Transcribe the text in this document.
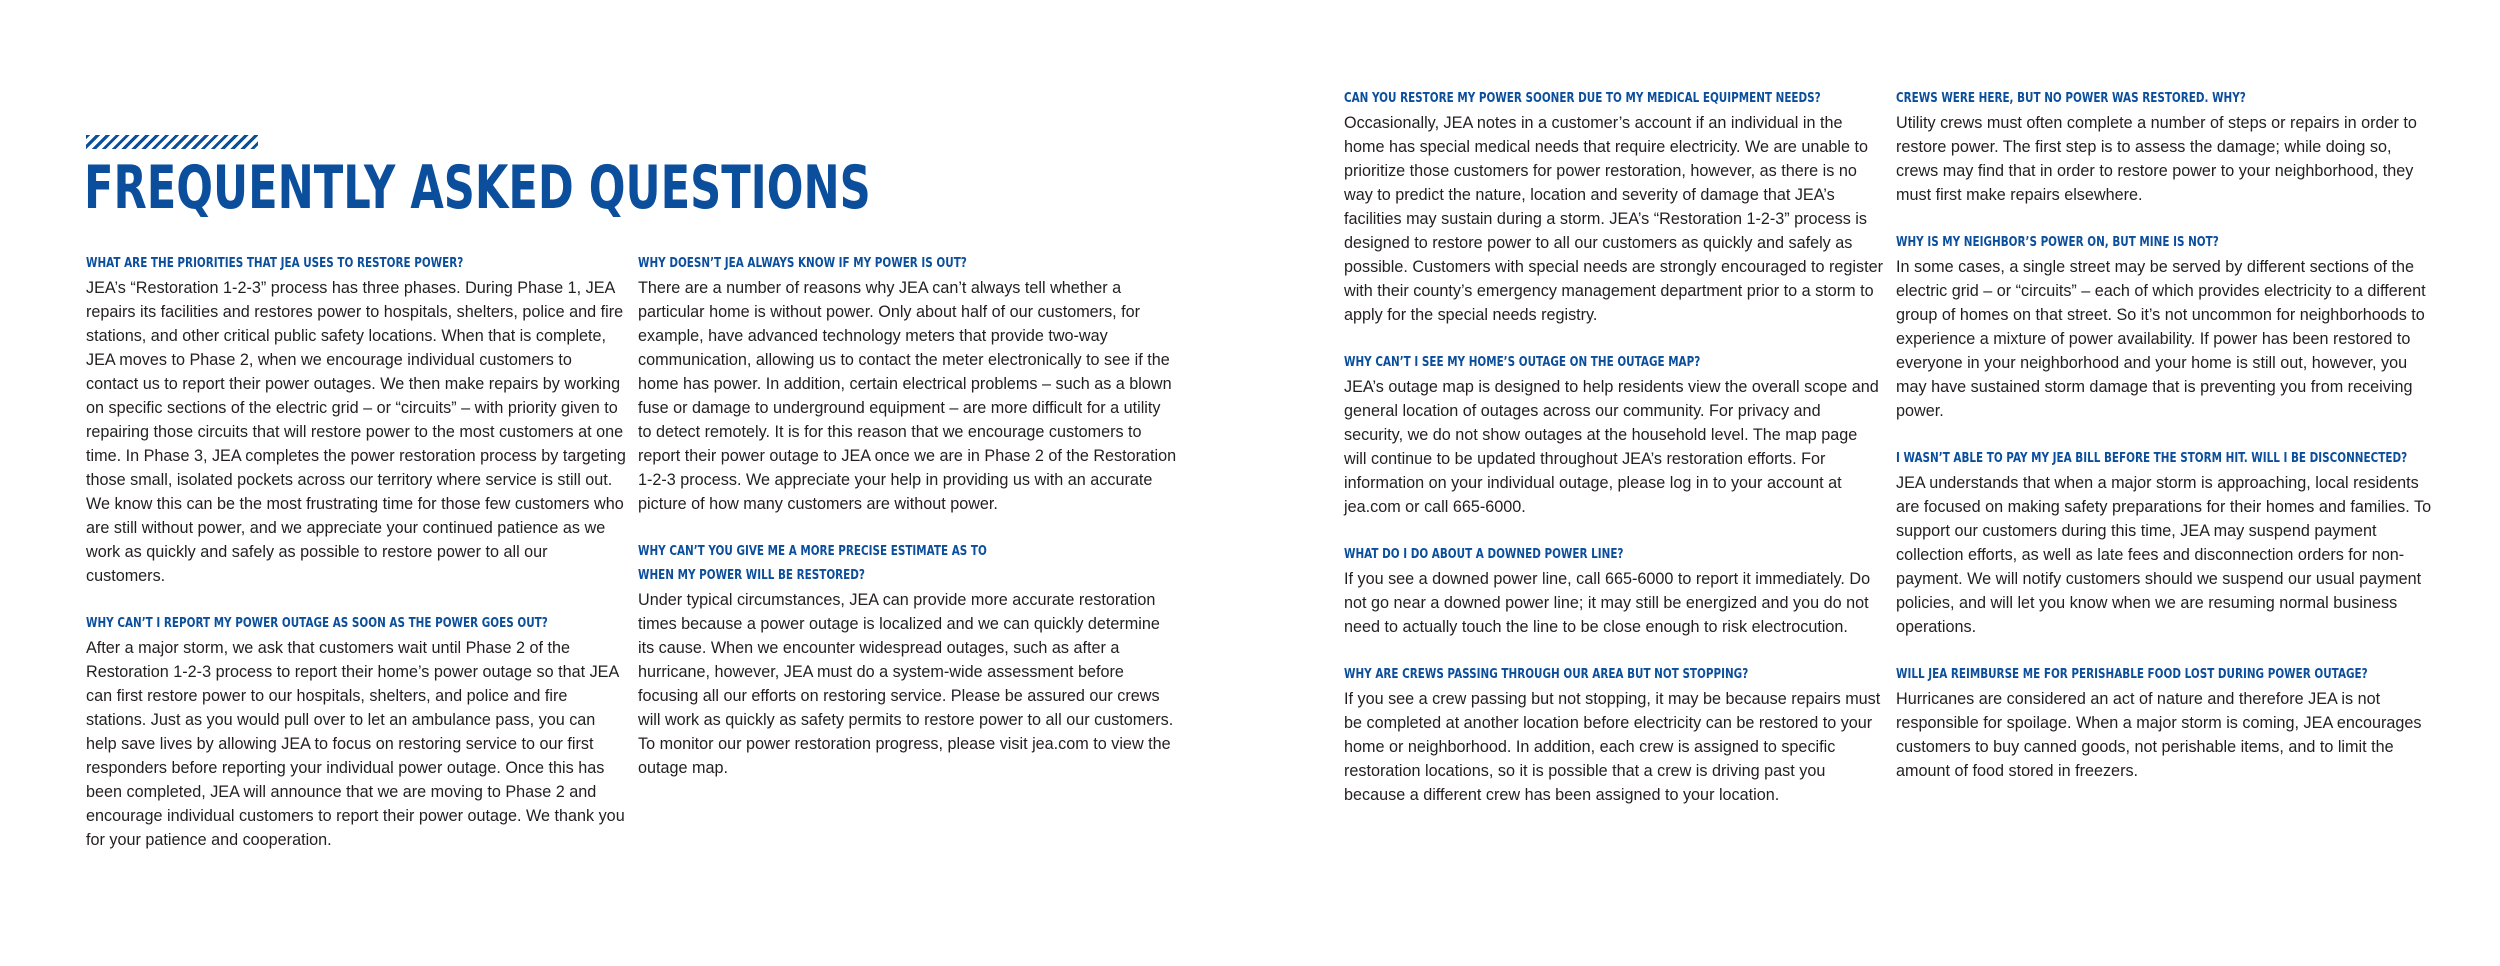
FREQUENTLY ASKED QUESTIONS

WHAT ARE THE PRIORITIES THAT JEA USES TO RESTORE POWER?

JEA’s “Restoration 1-2-3” process has three phases. During Phase 1, JEA repairs its facilities and restores power to hospitals, shelters, police and fire stations, and other critical public safety locations. When that is complete, JEA moves to Phase 2, when we encourage individual customers to contact us to report their power outages. We then make repairs by working on specific sections of the electric grid – or “circuits” – with priority given to repairing those circuits that will restore power to the most customers at one time. In Phase 3, JEA completes the power restoration process by targeting those small, isolated pockets across our territory where service is still out. We know this can be the most frustrating time for those few customers who are still without power, and we appreciate your continued patience as we work as quickly and safely as possible to restore power to all our customers.

WHY CAN’T I REPORT MY POWER OUTAGE AS SOON AS THE POWER GOES OUT?

After a major storm, we ask that customers wait until Phase 2 of the Restoration 1-2-3 process to report their home’s power outage so that JEA can first restore power to our hospitals, shelters, and police and fire stations. Just as you would pull over to let an ambulance pass, you can help save lives by allowing JEA to focus on restoring service to our first responders before reporting your individual power outage. Once this has been completed, JEA will announce that we are moving to Phase 2 and encourage individual customers to report their power outage. We thank you for your patience and cooperation.

WHY DOESN’T JEA ALWAYS KNOW IF MY POWER IS OUT?

There are a number of reasons why JEA can’t always tell whether a particular home is without power. Only about half of our customers, for example, have advanced technology meters that provide two-way communication, allowing us to contact the meter electronically to see if the home has power. In addition, certain electrical problems – such as a blown fuse or damage to underground equipment – are more difficult for a utility to detect remotely. It is for this reason that we encourage customers to report their power outage to JEA once we are in Phase 2 of the Restoration 1-2-3 process. We appreciate your help in providing us with an accurate picture of how many customers are without power.

WHY CAN’T YOU GIVE ME A MORE PRECISE ESTIMATE AS TO WHEN MY POWER WILL BE RESTORED?

Under typical circumstances, JEA can provide more accurate restoration times because a power outage is localized and we can quickly determine its cause. When we encounter widespread outages, such as after a hurricane, however, JEA must do a system-wide assessment before focusing all our efforts on restoring service. Please be assured our crews will work as quickly as safety permits to restore power to all our customers. To monitor our power restoration progress, please visit jea.com to view the outage map.

CAN YOU RESTORE MY POWER SOONER DUE TO MY MEDICAL EQUIPMENT NEEDS?

Occasionally, JEA notes in a customer’s account if an individual in the home has special medical needs that require electricity. We are unable to prioritize those customers for power restoration, however, as there is no way to predict the nature, location and severity of damage that JEA’s facilities may sustain during a storm. JEA’s “Restoration 1-2-3” process is designed to restore power to all our customers as quickly and safely as possible. Customers with special needs are strongly encouraged to register with their county’s emergency management department prior to a storm to apply for the special needs registry.

WHY CAN’T I SEE MY HOME’S OUTAGE ON THE OUTAGE MAP?

JEA’s outage map is designed to help residents view the overall scope and general location of outages across our community. For privacy and security, we do not show outages at the household level. The map page will continue to be updated throughout JEA’s restoration efforts. For information on your individual outage, please log in to your account at jea.com or call 665-6000.

WHAT DO I DO ABOUT A DOWNED POWER LINE?

If you see a downed power line, call 665-6000 to report it immediately. Do not go near a downed power line; it may still be energized and you do not need to actually touch the line to be close enough to risk electrocution.

WHY ARE CREWS PASSING THROUGH OUR AREA BUT NOT STOPPING?

If you see a crew passing but not stopping, it may be because repairs must be completed at another location before electricity can be restored to your home or neighborhood. In addition, each crew is assigned to specific restoration locations, so it is possible that a crew is driving past you because a different crew has been assigned to your location.

CREWS WERE HERE, BUT NO POWER WAS RESTORED. WHY?

Utility crews must often complete a number of steps or repairs in order to restore power. The first step is to assess the damage; while doing so, crews may find that in order to restore power to your neighborhood, they must first make repairs elsewhere.

WHY IS MY NEIGHBOR’S POWER ON, BUT MINE IS NOT?

In some cases, a single street may be served by different sections of the electric grid – or “circuits” – each of which provides electricity to a different group of homes on that street. So it’s not uncommon for neighborhoods to experience a mixture of power availability. If power has been restored to everyone in your neighborhood and your home is still out, however, you may have sustained storm damage that is preventing you from receiving power.

I WASN’T ABLE TO PAY MY JEA BILL BEFORE THE STORM HIT. WILL I BE DISCONNECTED?

JEA understands that when a major storm is approaching, local residents are focused on making safety preparations for their homes and families. To support our customers during this time, JEA may suspend payment collection efforts, as well as late fees and disconnection orders for non-payment. We will notify customers should we suspend our usual payment policies, and will let you know when we are resuming normal business operations.

WILL JEA REIMBURSE ME FOR PERISHABLE FOOD LOST DURING POWER OUTAGE?

Hurricanes are considered an act of nature and therefore JEA is not responsible for spoilage. When a major storm is coming, JEA encourages customers to buy canned goods, not perishable items, and to limit the amount of food stored in freezers.
